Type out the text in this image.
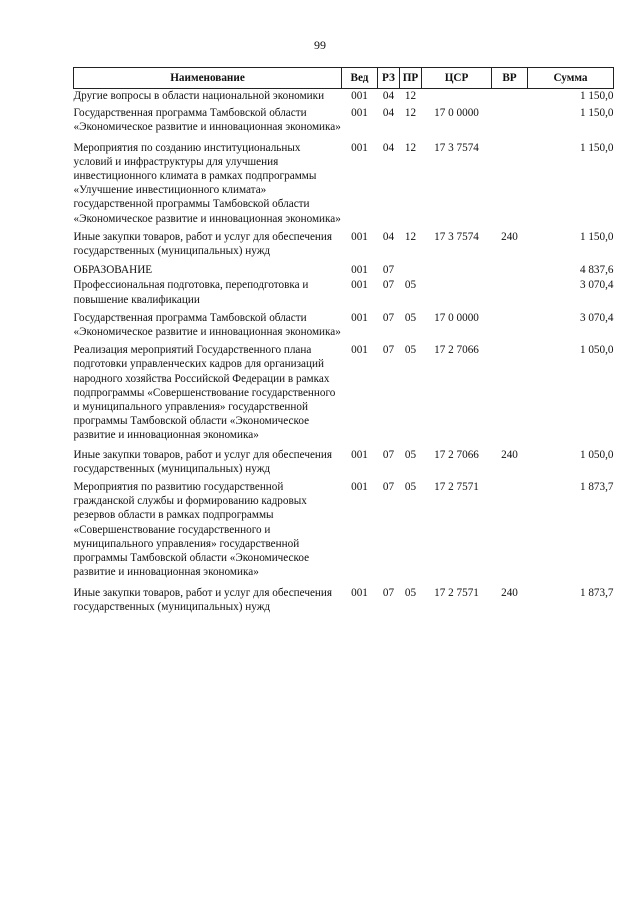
99
Наименование	Вед	РЗ	ПР	ЦСР	ВР	Сумма
Другие вопросы в области национальной экономики	001	04	12			1 150,0

Государственная программа Тамбовской области «Экономическое развитие и инновационная экономика»	001	04	12	17 0 0000		1 150,0

Мероприятия по созданию институциональных условий и инфраструктуры для улучшения инвестиционного климата в рамках подпрограммы «Улучшение инвестиционного климата» государственной программы Тамбовской области «Экономическое развитие и инновационная экономика»	001	04	12	17 3 7574		1 150,0

Иные закупки товаров, работ и услуг для обеспечения государственных (муниципальных) нужд	001	04	12	17 3 7574	240	1 150,0

ОБРАЗОВАНИЕ	001	07				4 837,6

Профессиональная подготовка, переподготовка и повышение квалификации	001	07	05			3 070,4

Государственная программа Тамбовской области «Экономическое развитие и инновационная экономика»	001	07	05	17 0 0000		3 070,4

Реализация мероприятий Государственного плана подготовки управленческих кадров для организаций народного хозяйства Российской Федерации в рамках подпрограммы «Совершенствование государственного и муниципального управления» государственной программы Тамбовской области «Экономическое развитие и инновационная экономика»	001	07	05	17 2 7066		1 050,0

Иные закупки товаров, работ и услуг для обеспечения государственных (муниципальных) нужд	001	07	05	17 2 7066	240	1 050,0

Мероприятия по развитию государственной гражданской службы и формированию кадровых резервов области в рамках подпрограммы «Совершенствование государственного и муниципального управления» государственной программы Тамбовской области «Экономическое развитие и инновационная экономика»	001	07	05	17 2 7571		1 873,7

Иные закупки товаров, работ и услуг для обеспечения государственных (муниципальных) нужд	001	07	05	17 2 7571	240	1 873,7
